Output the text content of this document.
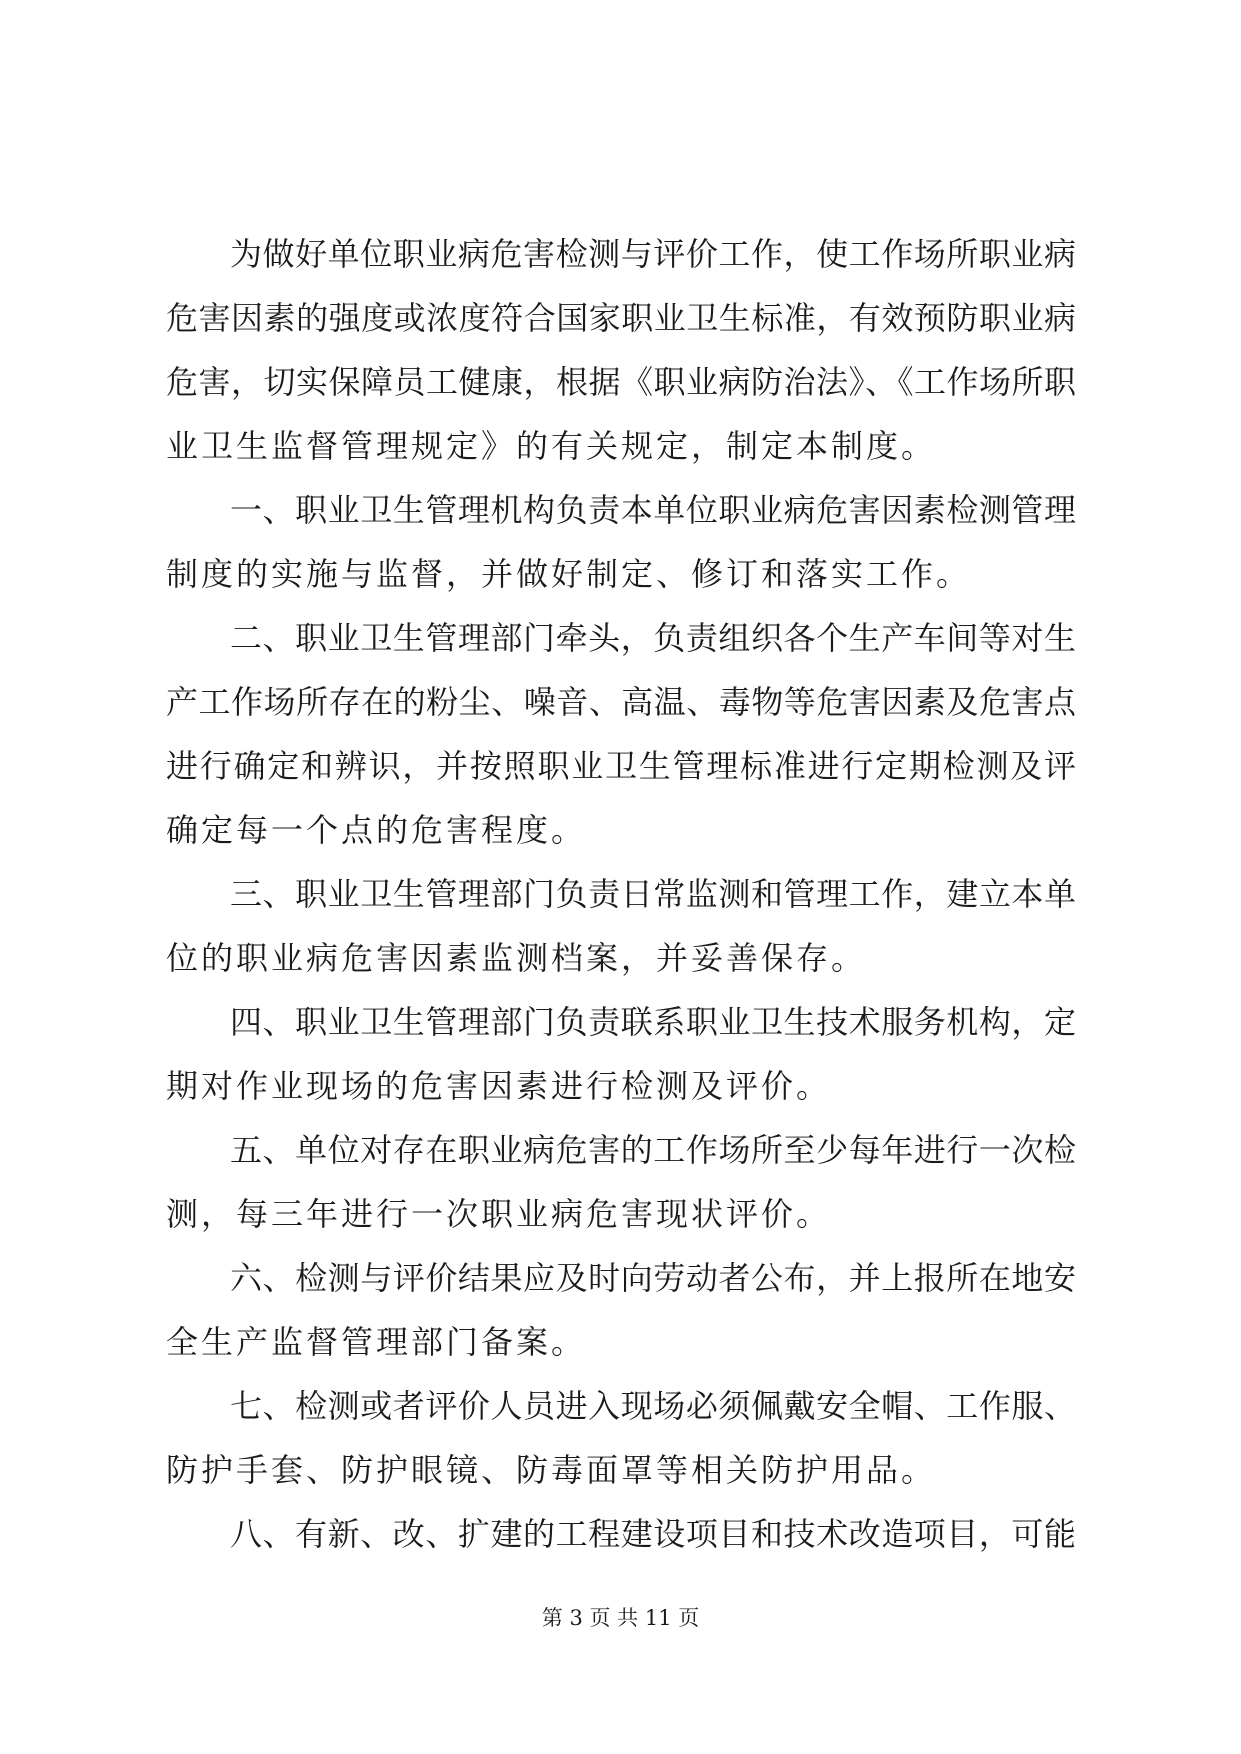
为做好单位职业病危害检测与评价工作，使工作场所职业病
危害因素的强度或浓度符合国家职业卫生标准，有效预防职业病
危害，切实保障员工健康，根据《职业病防治法》、《工作场所职
业卫生监督管理规定》的有关规定，制定本制度。
一、职业卫生管理机构负责本单位职业病危害因素检测管理
制度的实施与监督，并做好制定、修订和落实工作。
二、职业卫生管理部门牵头，负责组织各个生产车间等对生
产工作场所存在的粉尘、噪音、高温、毒物等危害因素及危害点
进行确定和辨识，并按照职业卫生管理标准进行定期检测及评
确定每一个点的危害程度。
三、职业卫生管理部门负责日常监测和管理工作，建立本单
位的职业病危害因素监测档案，并妥善保存。
四、职业卫生管理部门负责联系职业卫生技术服务机构，定
期对作业现场的危害因素进行检测及评价。
五、单位对存在职业病危害的工作场所至少每年进行一次检
测，每三年进行一次职业病危害现状评价。
六、检测与评价结果应及时向劳动者公布，并上报所在地安
全生产监督管理部门备案。
七、检测或者评价人员进入现场必须佩戴安全帽、工作服、
防护手套、防护眼镜、防毒面罩等相关防护用品。
八、有新、改、扩建的工程建设项目和技术改造项目，可能
第 3 页 共 11 页
